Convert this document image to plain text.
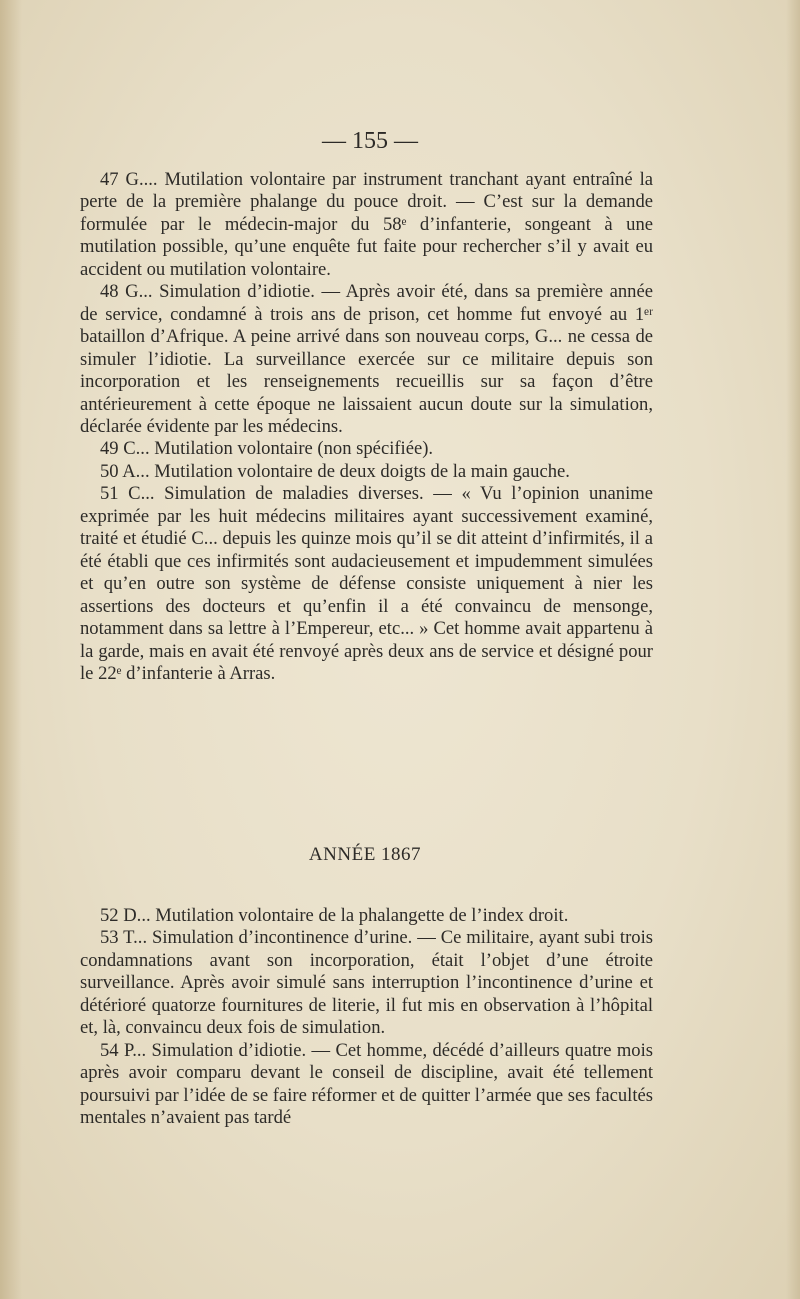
— 155 —

47 G.... Mutilation volontaire par instrument tranchant ayant entraîné la perte de la première phalange du pouce droit. — C’est sur la demande formulée par le médecin-major du 58ᵉ d’infanterie, songeant à une mutilation possible, qu’une enquête fut faite pour rechercher s’il y avait eu accident ou mutilation volontaire.

48 G... Simulation d’idiotie. — Après avoir été, dans sa première année de service, condamné à trois ans de prison, cet homme fut envoyé au 1ᵉʳ bataillon d’Afrique. A peine arrivé dans son nouveau corps, G... ne cessa de simuler l’idiotie. La surveillance exercée sur ce militaire depuis son incorporation et les renseignements recueillis sur sa façon d’être antérieurement à cette époque ne laissaient aucun doute sur la simulation, déclarée évidente par les médecins.

49 C... Mutilation volontaire (non spécifiée).

50 A... Mutilation volontaire de deux doigts de la main gauche.

51 C... Simulation de maladies diverses. — « Vu l’opinion unanime exprimée par les huit médecins militaires ayant successivement examiné, traité et étudié C... depuis les quinze mois qu’il se dit atteint d’infirmités, il a été établi que ces infirmités sont audacieusement et impudemment simulées et qu’en outre son système de défense consiste uniquement à nier les assertions des docteurs et qu’enfin il a été convaincu de mensonge, notamment dans sa lettre à l’Empereur, etc... » Cet homme avait appartenu à la garde, mais en avait été renvoyé après deux ans de service et désigné pour le 22ᵉ d’infanterie à Arras.

ANNÉE 1867

52 D... Mutilation volontaire de la phalangette de l’index droit.

53 T... Simulation d’incontinence d’urine. — Ce militaire, ayant subi trois condamnations avant son incorporation, était l’objet d’une étroite surveillance. Après avoir simulé sans interruption l’incontinence d’urine et détérioré quatorze fournitures de literie, il fut mis en observation à l’hôpital et, là, convaincu deux fois de simulation.

54 P... Simulation d’idiotie. — Cet homme, décédé d’ailleurs quatre mois après avoir comparu devant le conseil de discipline, avait été tellement poursuivi par l’idée de se faire réformer et de quitter l’armée que ses facultés mentales n’avaient pas tardé
